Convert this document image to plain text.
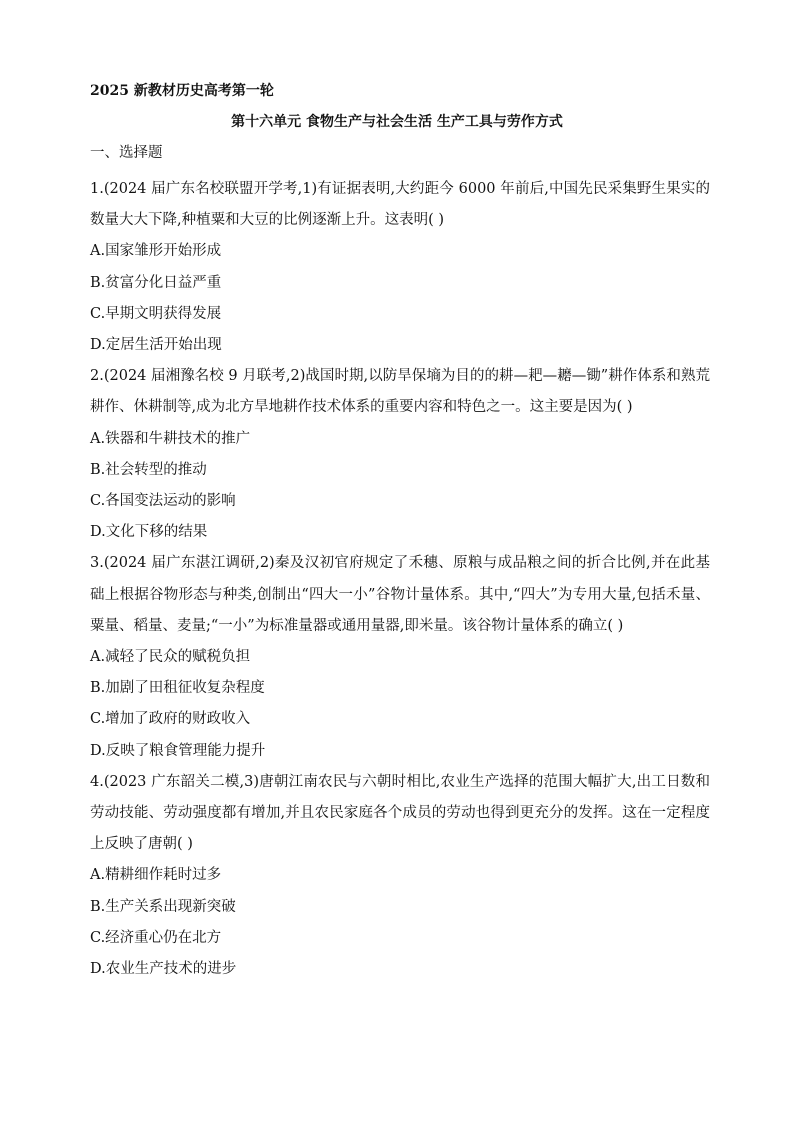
2025 新教材历史高考第一轮
第十六单元 食物生产与社会生活 生产工具与劳作方式
一、选择题

1.(2024 届广东名校联盟开学考,1)有证据表明,大约距今 6000 年前后,中国先民采集野生果实的数量大大下降,种植粟和大豆的比例逐渐上升。这表明( )

A.国家雏形开始形成

B.贫富分化日益严重

C.早期文明获得发展

D.定居生活开始出现

2.(2024 届湘豫名校 9 月联考,2)战国时期,以防旱保墒为目的的耕—耙—耱—锄”耕作体系和熟荒耕作、休耕制等,成为北方旱地耕作技术体系的重要内容和特色之一。这主要是因为( )

A.铁器和牛耕技术的推广

B.社会转型的推动

C.各国变法运动的影响

D.文化下移的结果

3.(2024 届广东湛江调研,2)秦及汉初官府规定了禾穗、原粮与成品粮之间的折合比例,并在此基础上根据谷物形态与种类,创制出“四大一小”谷物计量体系。其中,“四大”为专用大量,包括禾量、粟量、稻量、麦量;“一小”为标准量器或通用量器,即米量。该谷物计量体系的确立( )

A.减轻了民众的赋税负担

B.加剧了田租征收复杂程度

C.增加了政府的财政收入

D.反映了粮食管理能力提升

4.(2023 广东韶关二模,3)唐朝江南农民与六朝时相比,农业生产选择的范围大幅扩大,出工日数和劳动技能、劳动强度都有增加,并且农民家庭各个成员的劳动也得到更充分的发挥。这在一定程度上反映了唐朝( )

A.精耕细作耗时过多

B.生产关系出现新突破

C.经济重心仍在北方

D.农业生产技术的进步
